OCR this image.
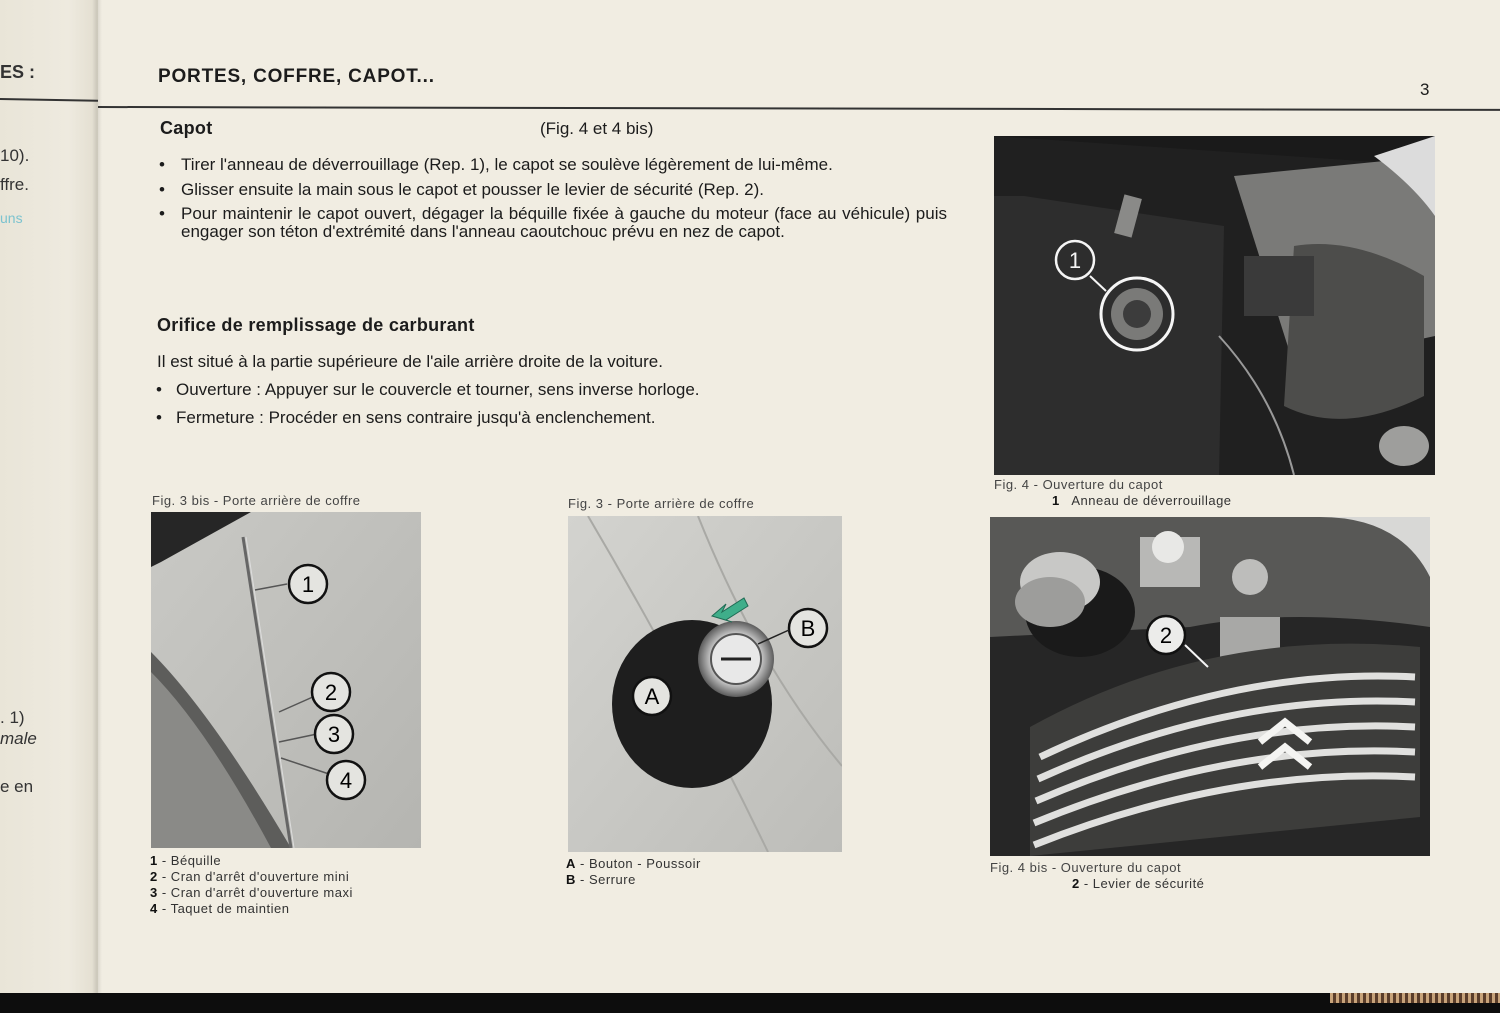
ES :
10).
ffre.
uns
. 1)
male
e en
PORTES, COFFRE, CAPOT...
3
Capot	(Fig. 4 et 4 bis)
• Tirer l'anneau de déverrouillage (Rep. 1), le capot se soulève légèrement de lui-même.
• Glisser ensuite la main sous le capot et pousser le levier de sécurité (Rep. 2).
• Pour maintenir le capot ouvert, dégager la béquille fixée à gauche du moteur (face au véhicule) puis engager son téton d'extrémité dans l'anneau caoutchouc prévu en nez de capot.
Orifice de remplissage de carburant
Il est situé à la partie supérieure de l'aile arrière droite de la voiture.
• Ouverture : Appuyer sur le couvercle et tourner, sens inverse horloge.
• Fermeture : Procéder en sens contraire jusqu'à enclenchement.
Fig. 3 bis - Porte arrière de coffre
1
2
3
4
1 - Béquille
2 - Cran d'arrêt d'ouverture mini
3 - Cran d'arrêt d'ouverture maxi
4 - Taquet de maintien
Fig. 3 - Porte arrière de coffre
A
B
A - Bouton - Poussoir
B - Serrure
1
Fig. 4 - Ouverture du capot
1 Anneau de déverrouillage
2
Fig. 4 bis - Ouverture du capot
2 - Levier de sécurité
